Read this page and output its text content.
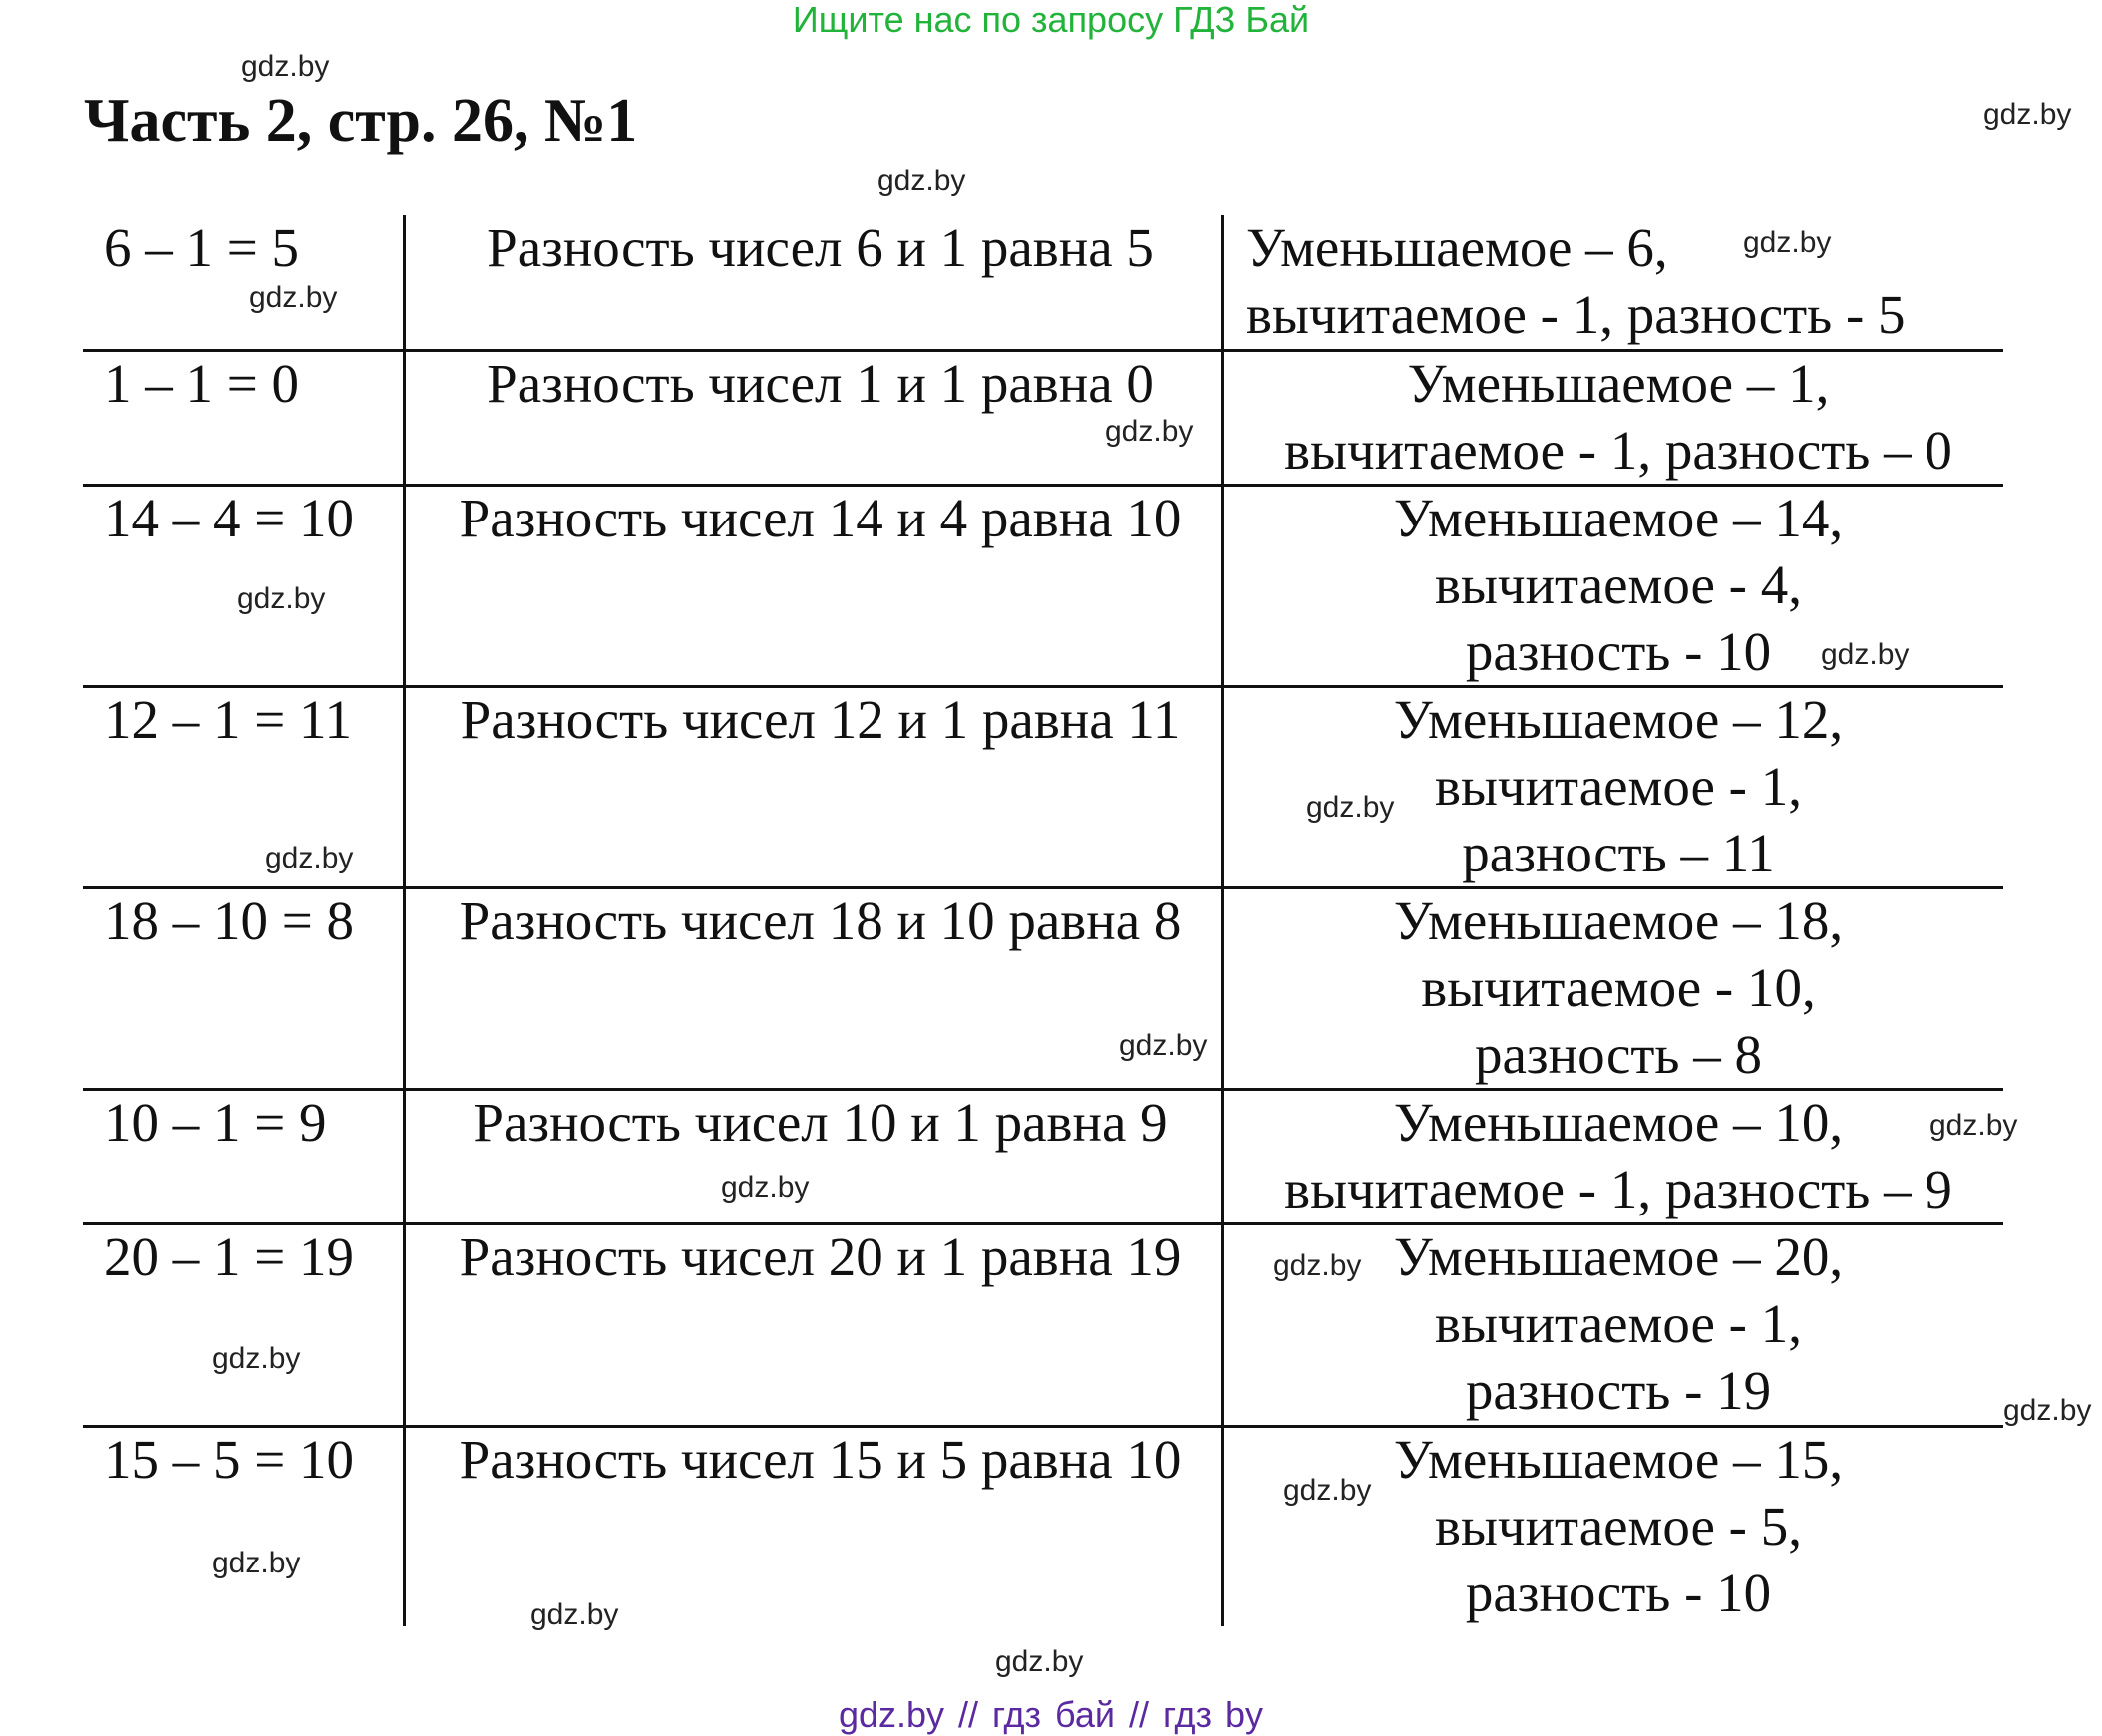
Ищите нас по запросу ГДЗ Бай
Часть 2, стр. 26, №1
6 – 1 = 5	Разность чисел 6 и 1 равна 5	Уменьшаемое – 6,
вычитаемое - 1, разность - 5
1 – 1 = 0	Разность чисел 1 и 1 равна 0	Уменьшаемое – 1,
вычитаемое - 1, разность – 0
14 – 4 = 10	Разность чисел 14 и 4 равна 10	Уменьшаемое – 14,
вычитаемое - 4,
разность - 10
12 – 1 = 11	Разность чисел 12 и 1 равна 11	Уменьшаемое – 12,
вычитаемое - 1,
разность – 11
18 – 10 = 8	Разность чисел 18 и 10 равна 8	Уменьшаемое – 18,
вычитаемое - 10,
разность – 8
10 – 1 = 9	Разность чисел 10 и 1 равна 9	Уменьшаемое – 10,
вычитаемое - 1, разность – 9
20 – 1 = 19	Разность чисел 20 и 1 равна 19	Уменьшаемое – 20,
вычитаемое - 1,
разность - 19
15 – 5 = 10	Разность чисел 15 и 5 равна 10	Уменьшаемое – 15,
вычитаемое - 5,
разность - 10
gdz.by
gdz.by
gdz.by
gdz.by
gdz.by
gdz.by
gdz.by
gdz.by
gdz.by
gdz.by
gdz.by
gdz.by
gdz.by
gdz.by
gdz.by
gdz.by
gdz.by
gdz.by
gdz.by
gdz.by
gdz.by // гдз бай // гдз by
